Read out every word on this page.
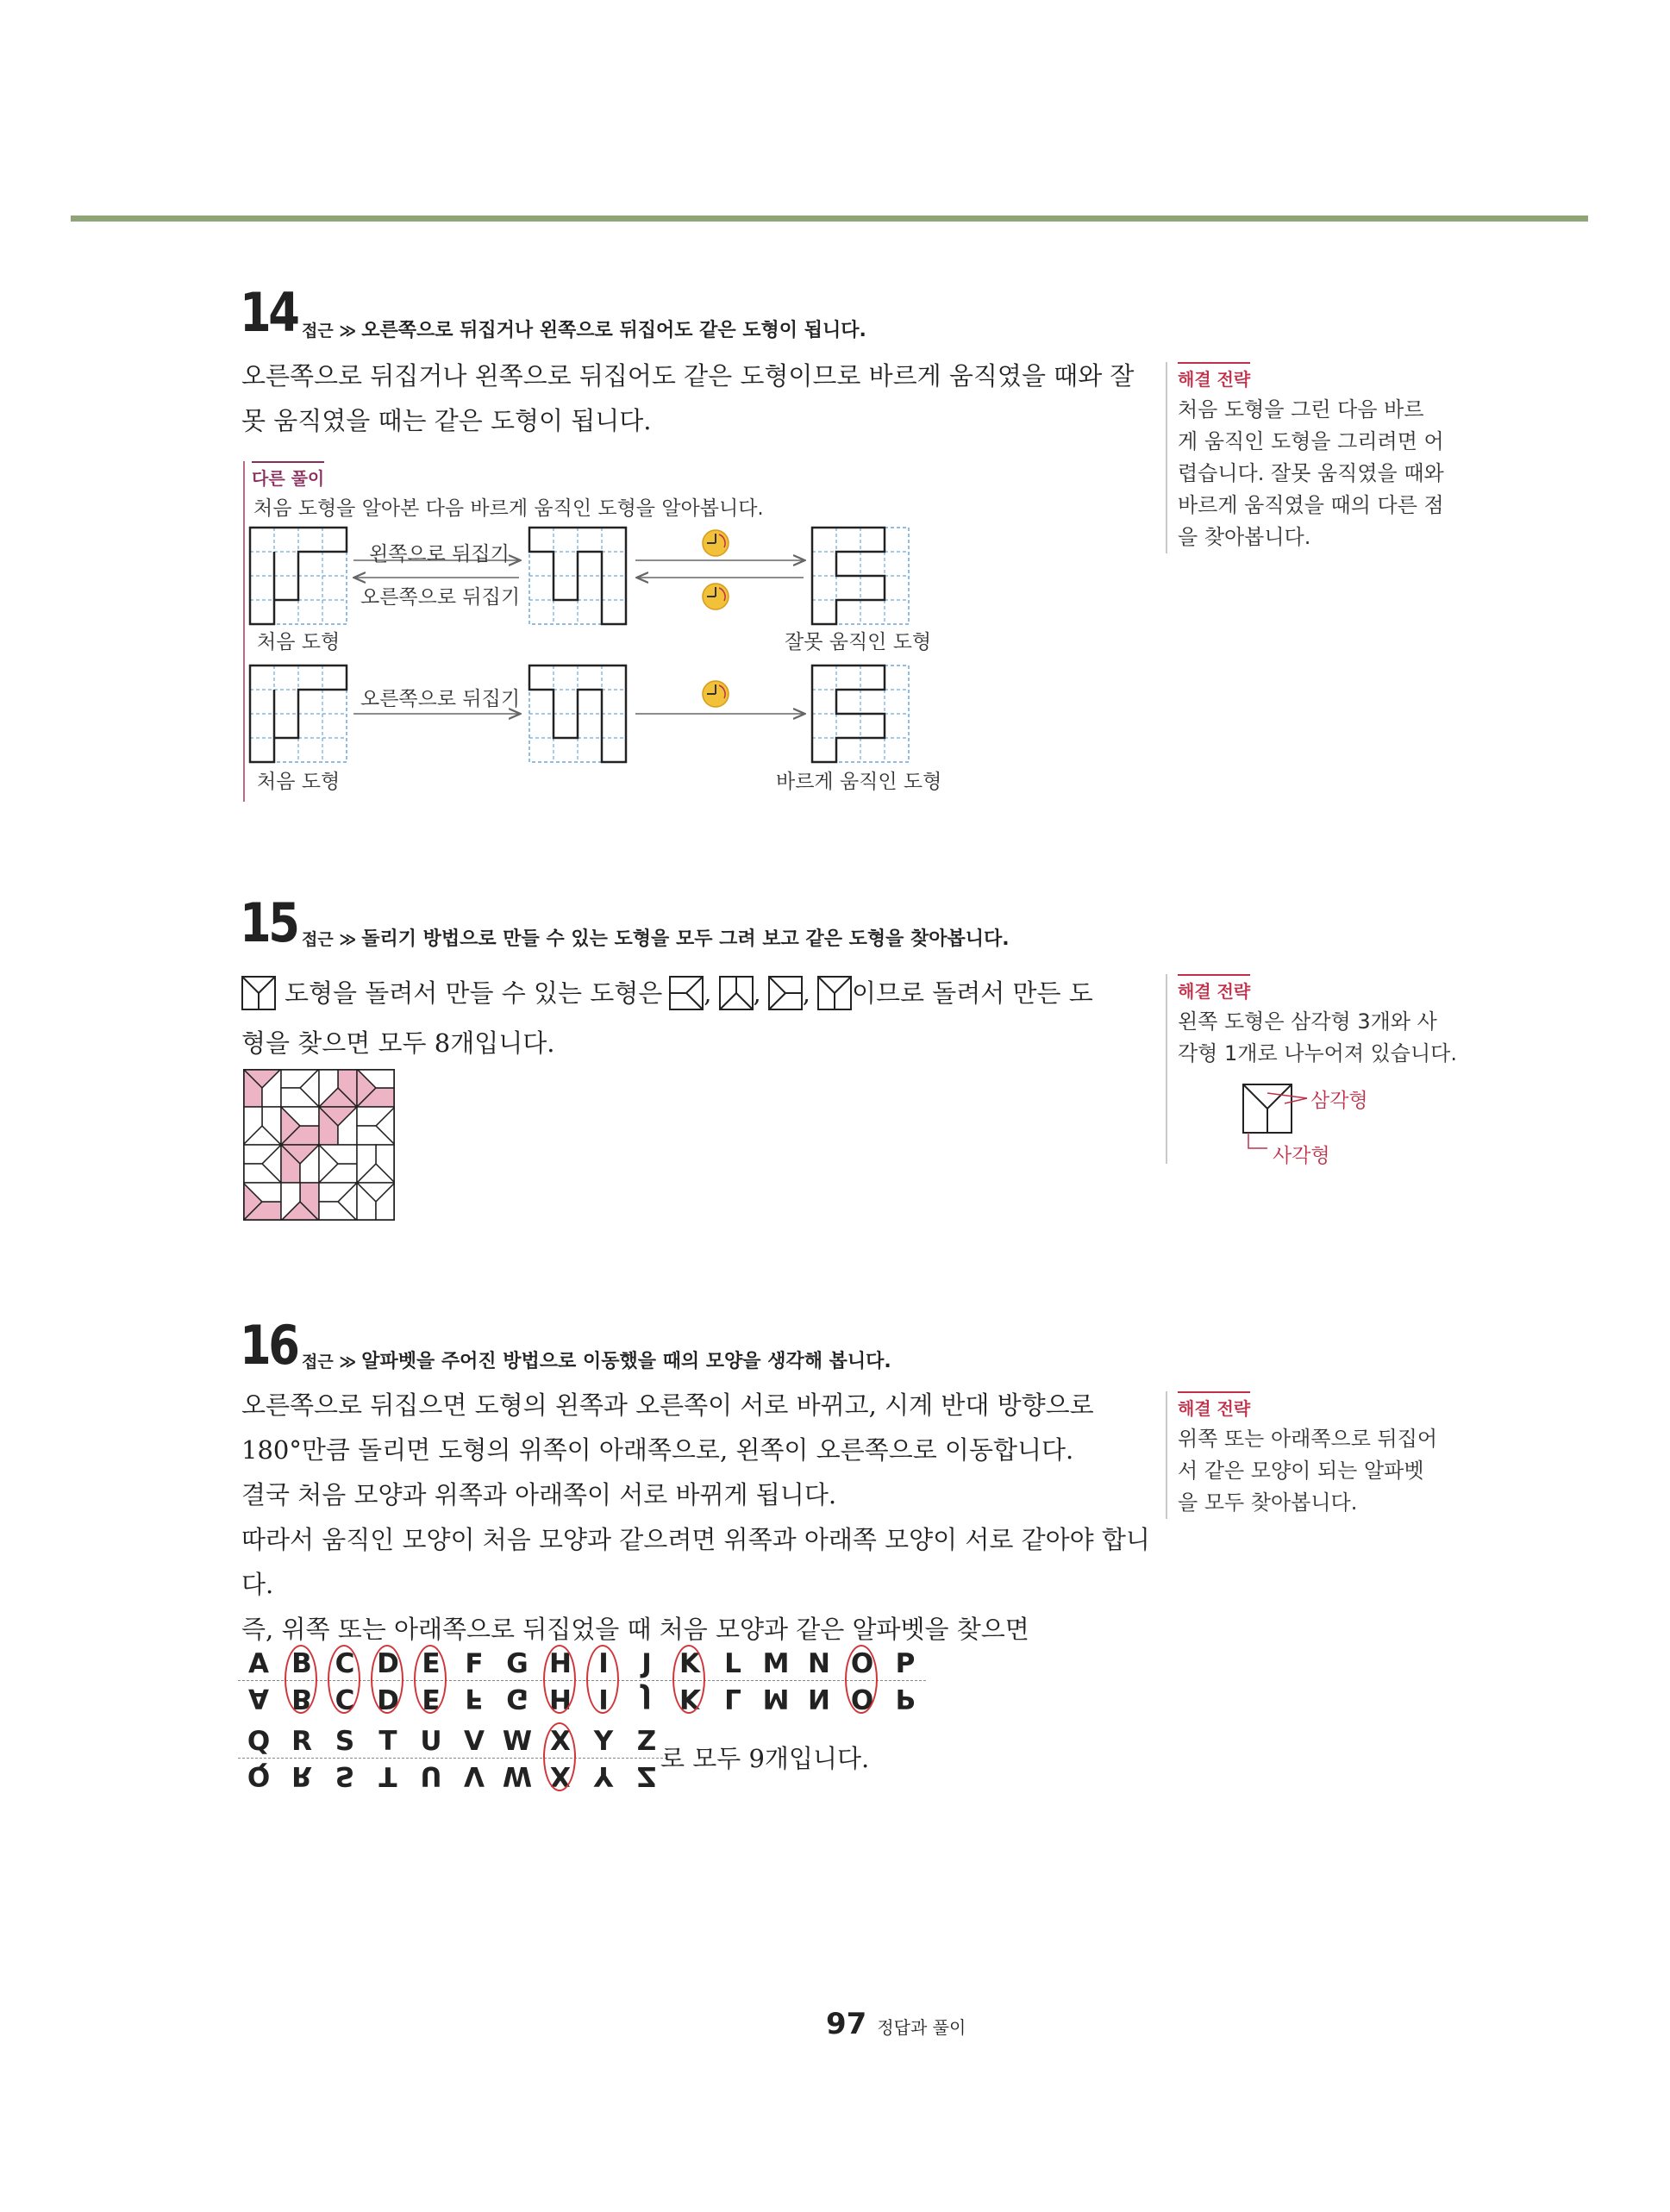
14 접근 ≫ 오른쪽으로 뒤집거나 왼쪽으로 뒤집어도 같은 도형이 됩니다.
오른쪽으로 뒤집거나 왼쪽으로 뒤집어도 같은 도형이므로 바르게 움직였을 때와 잘
못 움직였을 때는 같은 도형이 됩니다.
다른 풀이
처음 도형을 알아본 다음 바르게 움직인 도형을 알아봅니다.
왼쪽으로 뒤집기
오른쪽으로 뒤집기
처음 도형	잘못 움직인 도형
오른쪽으로 뒤집기
처음 도형	바르게 움직인 도형
해결 전략
처음 도형을 그린 다음 바르
게 움직인 도형을 그리려면 어
렵습니다. 잘못 움직였을 때와
바르게 움직였을 때의 다른 점
을 찾아봅니다.
15 접근 ≫ 돌리기 방법으로 만들 수 있는 도형을 모두 그려 보고 같은 도형을 찾아봅니다.
도형을 돌려서 만들 수 있는 도형은 , , , 이므로 돌려서 만든 도
형을 찾으면 모두 8개입니다.
해결 전략
왼쪽 도형은 삼각형 3개와 사
각형 1개로 나누어져 있습니다.
삼각형
사각형
16 접근 ≫ 알파벳을 주어진 방법으로 이동했을 때의 모양을 생각해 봅니다.
오른쪽으로 뒤집으면 도형의 왼쪽과 오른쪽이 서로 바뀌고, 시계 반대 방향으로
180°만큼 돌리면 도형의 위쪽이 아래쪽으로, 왼쪽이 오른쪽으로 이동합니다.
결국 처음 모양과 위쪽과 아래쪽이 서로 바뀌게 됩니다.
따라서 움직인 모양이 처음 모양과 같으려면 위쪽과 아래쪽 모양이 서로 같아야 합니
다.
즉, 위쪽 또는 아래쪽으로 뒤집었을 때 처음 모양과 같은 알파벳을 찾으면
A
A
B
B
C
C
D
D
E
E
F
F
G
G
H
H
I
I
J
J
K
K
L
L
M
M
N
N
O
O
P
P
Q
Q
R
R
S
S
T
T
U
U
V
V
W
W
X
X
Y
Y
Z
Z
로 모두 9개입니다.
해결 전략
위쪽 또는 아래쪽으로 뒤집어
서 같은 모양이 되는 알파벳
을 모두 찾아봅니다.
97 정답과 풀이
